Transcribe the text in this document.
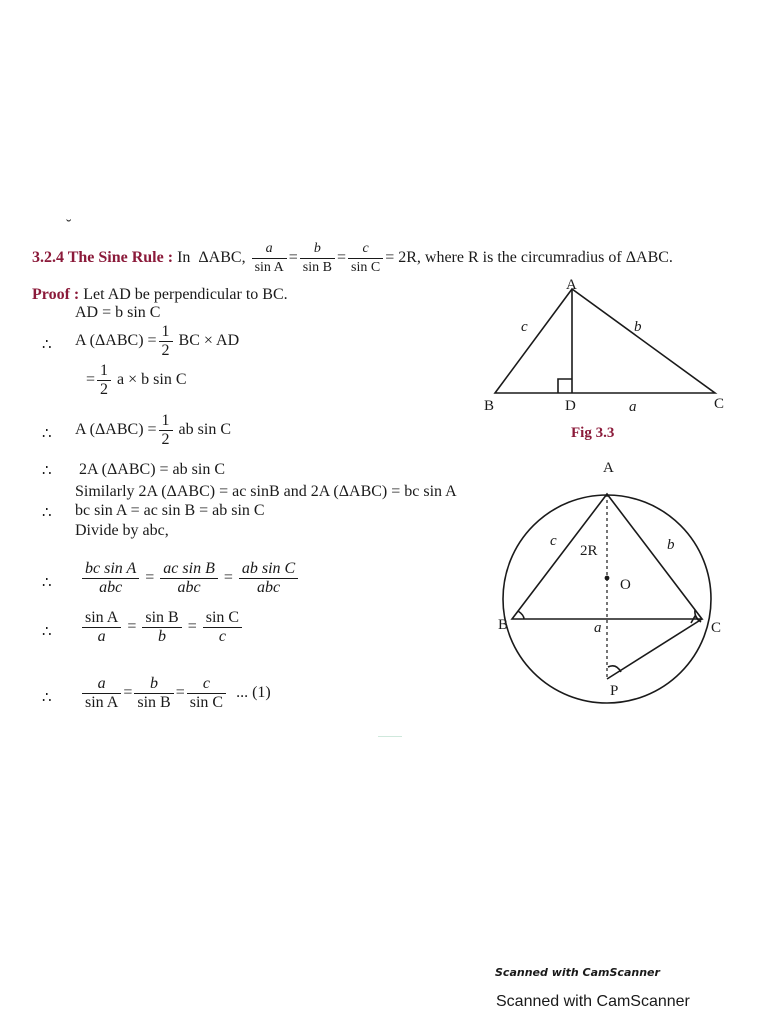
˘
3.2.4 The Sine Rule : In ΔABC, $\frac{a}{\text{sin A}} = \frac{b}{\text{sin B}} = \frac{c}{\text{sin C}} = 2R$, where R is the circumradius of ΔABC.
Proof : Let AD be perpendicular to BC.
AD = b sin C
∴ A $(\Delta ABC) = \frac{1}{2}$ BC × AD
= $\frac{1}{2}$ a × b sin C
∴ A $(\Delta ABC) = \frac{1}{2}$ ab sin C
∴ 2A (ΔABC) = ab sin C
Similarly 2A (ΔABC) = ac sinB and 2A (ΔABC) = bc sin A
∴ bc sin A = ac sin B = ab sin C
Divide by abc,
∴ $\frac{\text{bc sin A}}{\text{abc}} = \frac{\text{ac sin B}}{\text{abc}} = \frac{\text{ab sin C}}{\text{abc}}$
∴ $\frac{\text{sin A}}{a} = \frac{\text{sin B}}{b} = \frac{\text{sin C}}{c}$
∴ $\frac{a}{\text{sin A}} = \frac{b}{\text{sin B}} = \frac{c}{\text{sin C}}$ ... (1)
A
B	D	C
c	b
a
Fig 3.3
A
B	C
P
O
2R
c	b
a
Scanned with CamScanner
Scanned with CamScanner
